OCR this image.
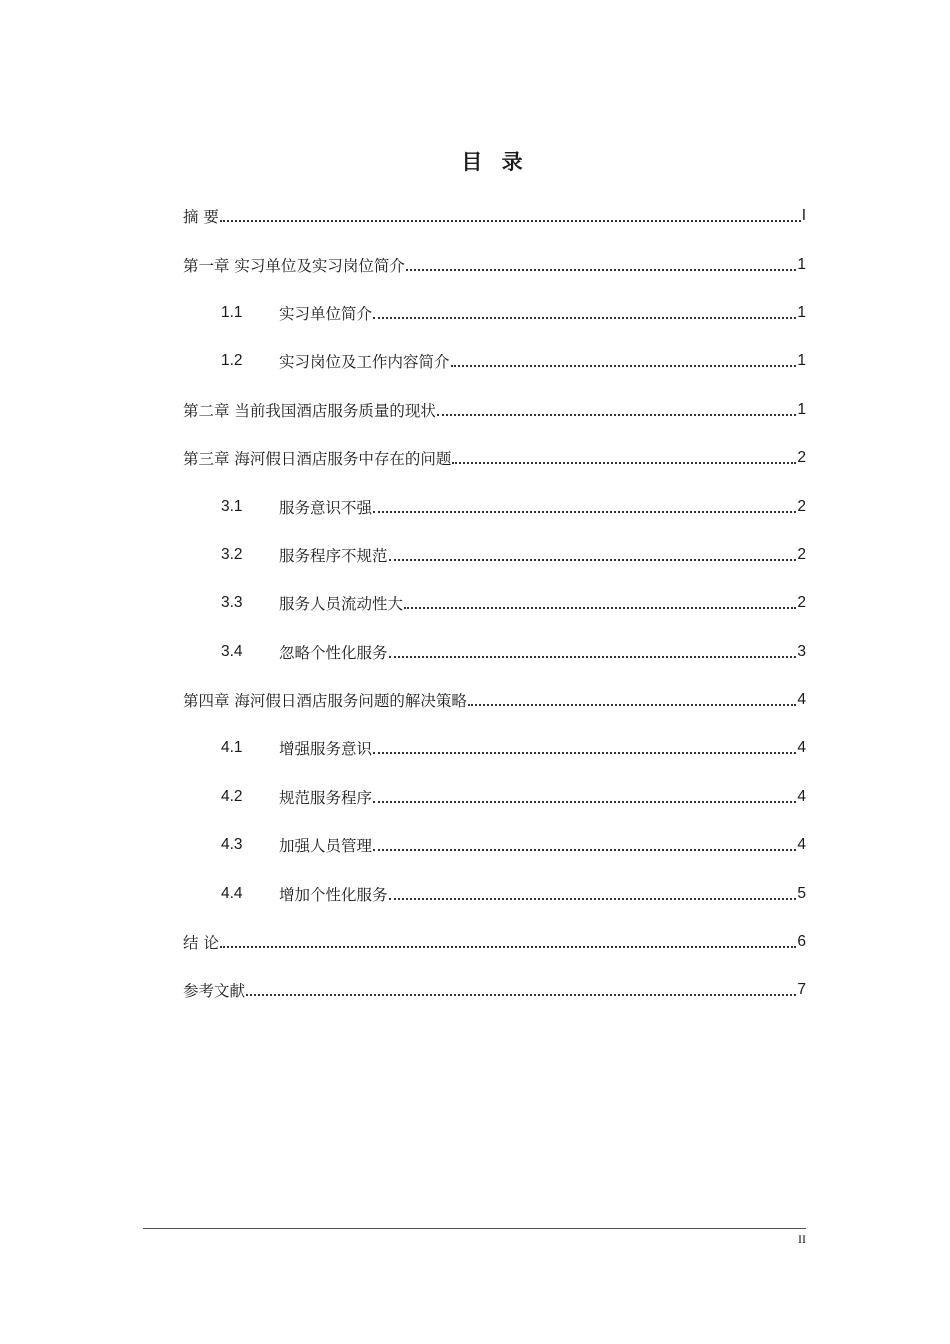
目 录
摘 要	I
第一章 实习单位及实习岗位简介	1
1.1	实习单位简介	1
1.2	实习岗位及工作内容简介	1
第二章 当前我国酒店服务质量的现状	1
第三章 海河假日酒店服务中存在的问题	2
3.1	服务意识不强	2
3.2	服务程序不规范	2
3.3	服务人员流动性大	2
3.4	忽略个性化服务	3
第四章 海河假日酒店服务问题的解决策略	4
4.1	增强服务意识	4
4.2	规范服务程序	4
4.3	加强人员管理	4
4.4	增加个性化服务	5
结 论	6
参考文献	7
II
